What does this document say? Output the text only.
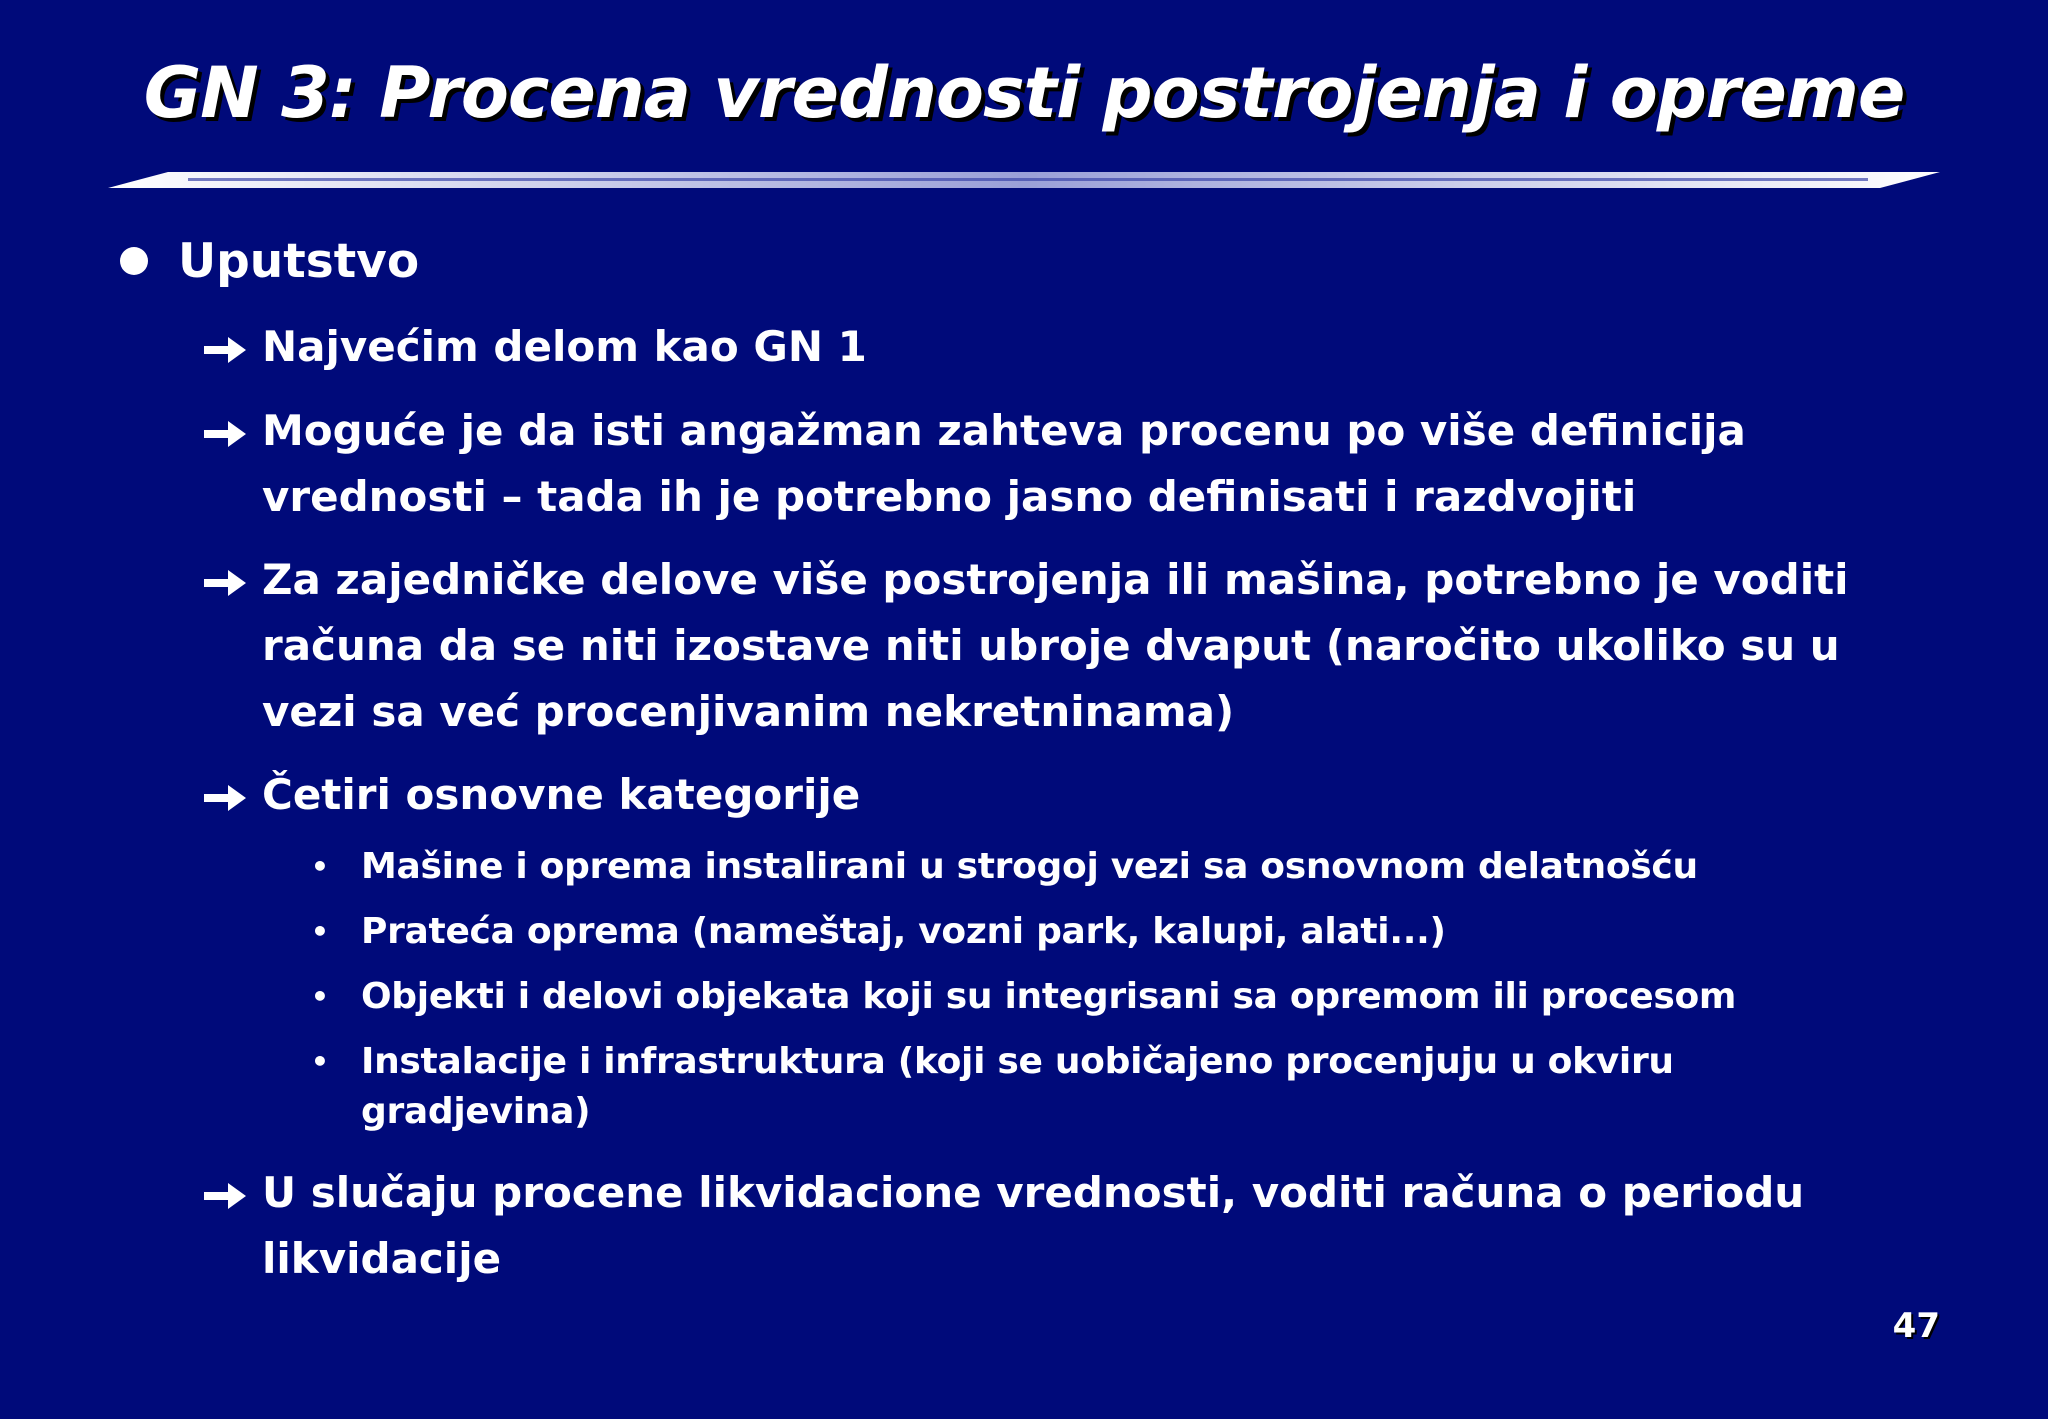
GN 3: Procena vrednosti postrojenja i opreme
Uputstvo
Najvećim delom kao GN 1
Moguće je da isti angažman zahteva procenu po više definicija vrednosti – tada ih je potrebno jasno definisati i razdvojiti
Za zajedničke delove više postrojenja ili mašina, potrebno je voditi računa da se niti izostave niti ubroje dvaput (naročito ukoliko su u vezi sa već procenjivanim nekretninama)
Četiri osnovne kategorije
• Mašine i oprema instalirani u strogoj vezi sa osnovnom delatnošću
• Prateća oprema (nameštaj, vozni park, kalupi, alati...)
• Objekti i delovi objekata koji su integrisani sa opremom ili procesom
• Instalacije i infrastruktura (koji se uobičajeno procenjuju u okviru gradjevina)
U slučaju procene likvidacione vrednosti, voditi računa o periodu likvidacije
47
